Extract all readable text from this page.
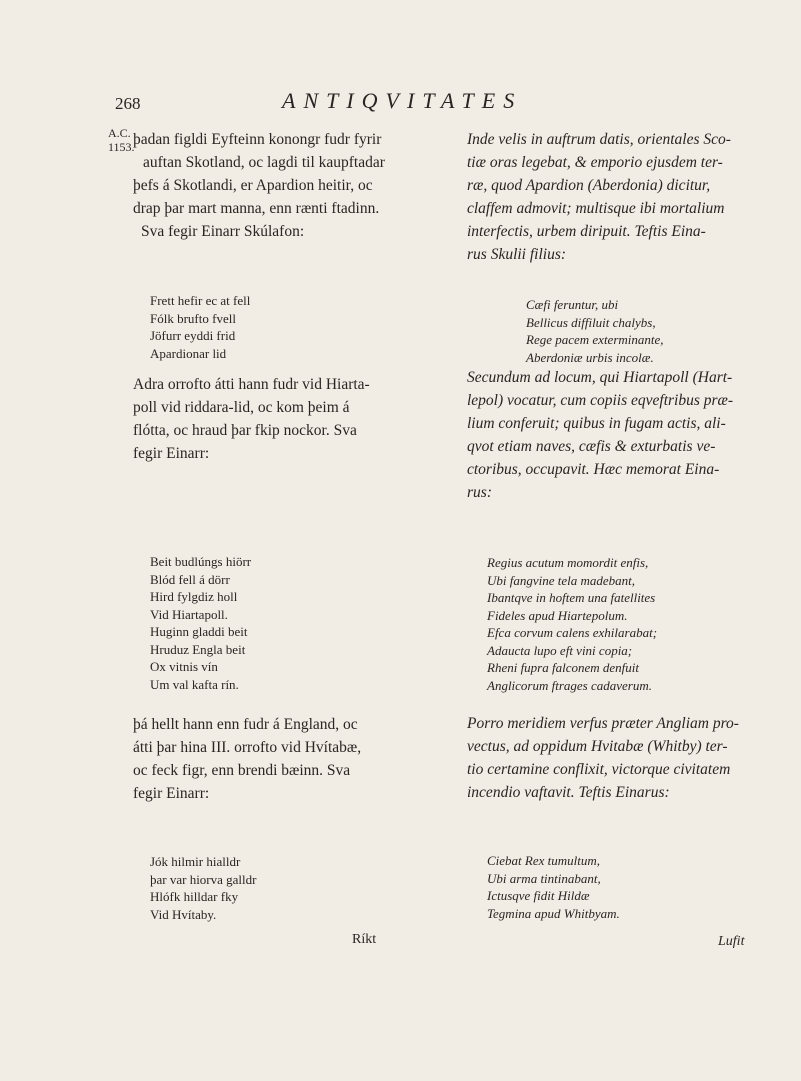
268	ANTIQVITATES
A.C.
1153.

þadan figldi Eyfteinn konongr fudr fyrir

auftan Skotland, oc lagdi til kaupftadar

þefs á Skotlandi, er Apardion heitir, oc

drap þar mart manna, enn rænti ftadinn.

Sva fegir Einarr Skúlafon:

Frett hefir ec at fell
Fólk brufto fvell
Jöfurr eyddi frid
Apardionar lid

Adra orrofto átti hann fudr vid Hiarta-

poll vid riddara-lid, oc kom þeim á

flótta, oc hraud þar fkip nockor. Sva

fegir Einarr:

Beit budlúngs hiörr
Blód fell á dörr
Hird fylgdiz holl
Vid Hiartapoll.
Huginn gladdi beit
Hruduz Engla beit
Ox vitnis vín
Um val kafta rín.

þá hellt hann enn fudr á England, oc

átti þar hina III. orrofto vid Hvítabæ,

oc feck figr, enn brendi bæinn. Sva

fegir Einarr:

Jók hilmir hialldr
þar var hiorva galldr
Hlófk hilldar fky
Vid Hvítaby.
Ríkt

Inde velis in auftrum datis, orientales Sco-

tiæ oras legebat, & emporio ejusdem ter-

ræ, quod Apardion (Aberdonia) dicitur,

claffem admovit; multisque ibi mortalium

interfectis, urbem diripuit. Teftis Eina-

rus Skulii filius:

Cæfi feruntur, ubi
Bellicus diffiluit chalybs,
Rege pacem exterminante,
Aberdoniæ urbis incolæ.

Secundum ad locum, qui Hiartapoll (Hart-

lepol) vocatur, cum copiis eqveftribus præ-

lium conferuit; quibus in fugam actis, ali-

qvot etiam naves, cæfis & exturbatis ve-

ctoribus, occupavit. Hæc memorat Eina-

rus:

Regius acutum momordit enfis,
Ubi fangvine tela madebant,
Ibantqve in hoftem una fatellites
Fideles apud Hiartepolum.
Efca corvum calens exhilarabat;
Adaucta lupo eft vini copia;
Rheni fupra falconem denfuit
Anglicorum ftrages cadaverum.

Porro meridiem verfus præter Angliam pro-

vectus, ad oppidum Hvitabæ (Whitby) ter-

tio certamine conflixit, victorque civitatem

incendio vaftavit. Teftis Einarus:

Ciebat Rex tumultum,
Ubi arma tintinabant,
Ictusqve fidit Hildæ
Tegmina apud Whitbyam.
Lufit
